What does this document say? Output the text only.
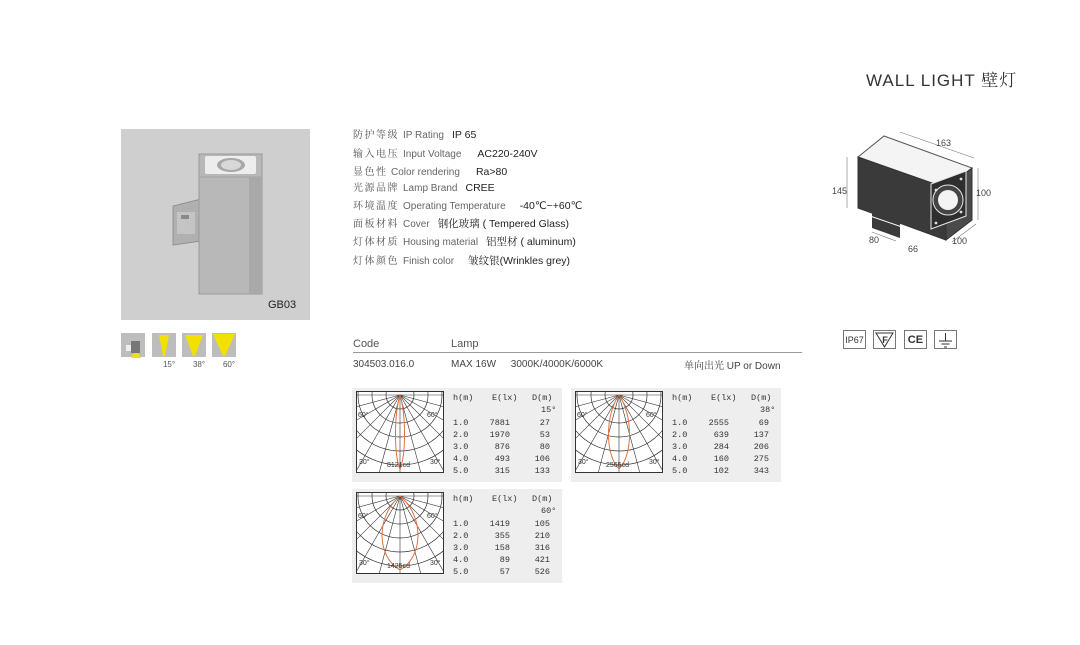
WALL LIGHT 壁灯
GB03
防护等级 IP Rating IP 65
输入电压 Input Voltage AC220-240V
显色性 Color rendering Ra>80
光源品牌 Lamp Brand CREE
环境温度 Operating Temperature -40℃~+60℃
面板材料 Cover 钢化玻璃 ( Tempered Glass)
灯体材质 Housing material 铝型材 ( aluminum)
灯体颜色 Finish color 皱纹银(Wrinkles grey)
163
145	100
100
80
66
15° 38° 60°
Code	Lamp
304503.016.0	MAX 16W 3000K/4000K/6000K	单向出光 UP or Down
IP67 F CE
60°	60°
30°	30°
8121cd
h(m) E(lx) D(m)
15°
1.0	7881	27
2.0	1970	53
3.0	876	80
4.0	493	106
5.0	315	133
60°	60°
30°	30°
2565cd
h(m) E(lx) D(m)
38°
1.0	2555	69
2.0	639	137
3.0	284	206
4.0	160	275
5.0	102	343
60°	60°
30°	30°
1425cd
h(m) E(lx) D(m)
60°
1.0	1419	105
2.0	355	210
3.0	158	316
4.0	89	421
5.0	57	526
